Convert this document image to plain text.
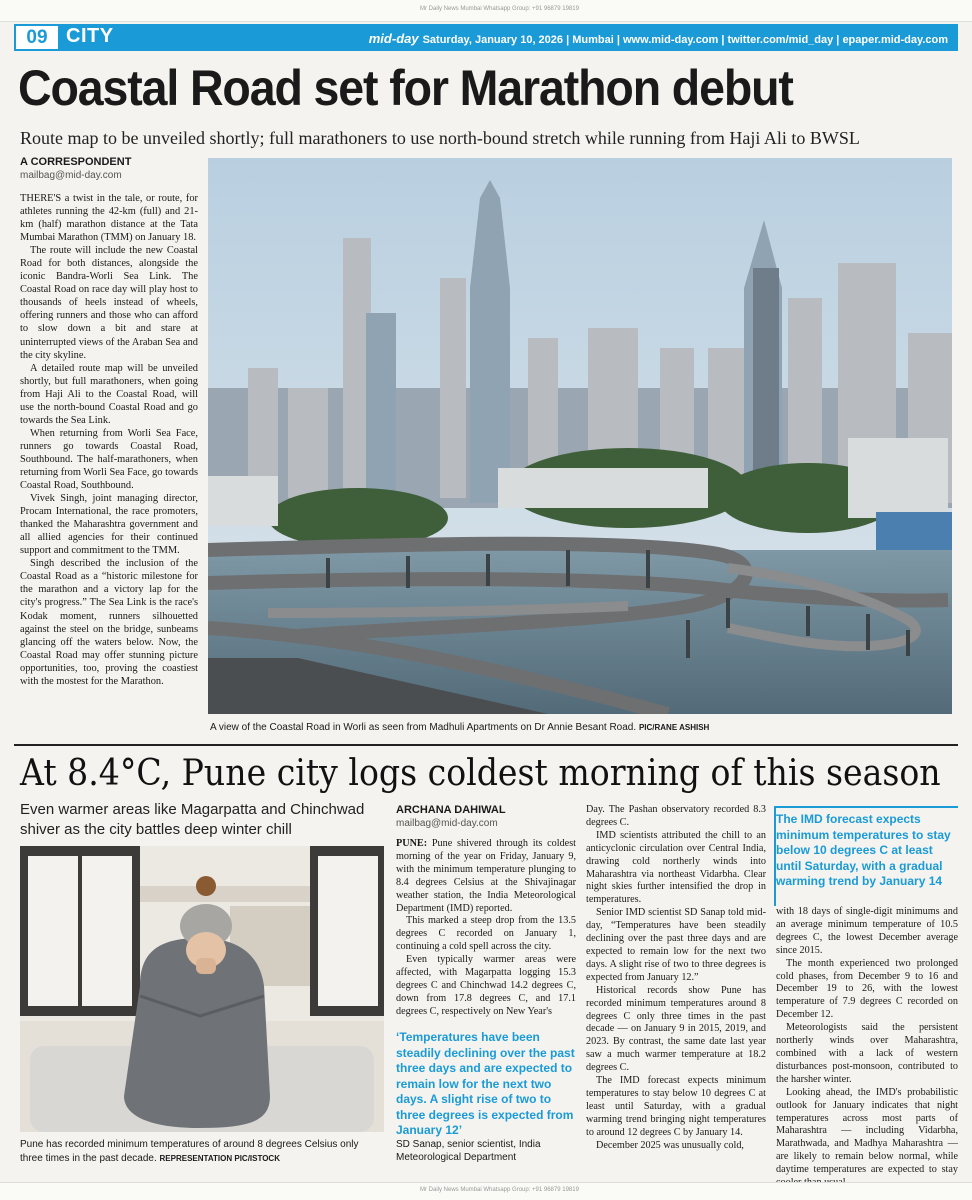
Mr Daily News Mumbai Whatsapp Group: +91 96879 19819
09 CITY	mid-day Saturday, January 10, 2026 | Mumbai | www.mid-day.com | twitter.com/mid_day | epaper.mid-day.com
Coastal Road set for Marathon debut
Route map to be unveiled shortly; full marathoners to use north-bound stretch while running from Haji Ali to BWSL
A CORRESPONDENT
mailbag@mid-day.com

THERE'S a twist in the tale, or route, for athletes running the 42-km (full) and 21-km (half) marathon distance at the Tata Mumbai Marathon (TMM) on January 18.

The route will include the new Coastal Road for both distances, alongside the iconic Bandra-Worli Sea Link. The Coastal Road on race day will play host to thousands of heels instead of wheels, offering runners and those who can afford to slow down a bit and stare at uninterrupted views of the Araban Sea and the city skyline.

A detailed route map will be unveiled shortly, but full marathoners, when going from Haji Ali to the Coastal Road, will use the north-bound Coastal Road and go towards the Sea Link.

When returning from Worli Sea Face, runners go towards Coastal Road, Southbound. The half-marathoners, when returning from Worli Sea Face, go towards Coastal Road, Southbound.

Vivek Singh, joint managing director, Procam International, the race promoters, thanked the Maharashtra government and all allied agencies for their continued support and commitment to the TMM.

Singh described the inclusion of the Coastal Road as a “historic milestone for the marathon and a victory lap for the city's progress.” The Sea Link is the race's Kodak moment, runners silhouetted against the steel on the bridge, sunbeams glancing off the waters below. Now, the Coastal Road may offer stunning picture opportunities, too, proving the coastiest with the mostest for the Marathon.

A view of the Coastal Road in Worli as seen from Madhuli Apartments on Dr Annie Besant Road. PIC/RANE ASHISH
At 8.4°C, Pune city logs coldest morning of this season
Even warmer areas like Magarpatta and Chinchwad shiver as the city battles deep winter chill
Pune has recorded minimum temperatures of around 8 degrees Celsius only three times in the past decade. REPRESENTATION PIC/ISTOCK
ARCHANA DAHIWAL
mailbag@mid-day.com

PUNE: Pune shivered through its coldest morning of the year on Friday, January 9, with the minimum temperature plunging to 8.4 degrees Celsius at the Shivajinagar weather station, the India Meteorological Department (IMD) reported.

This marked a steep drop from the 13.5 degrees C recorded on January 1, continuing a cold spell across the city.

Even typically warmer areas were affected, with Magarpatta logging 15.3 degrees C and Chinchwad 14.2 degrees C, down from 17.8 degrees C, and 17.1 degrees C, respectively on New Year's

‘Temperatures have been steadily declining over the past three days and are expected to remain low for the next two days. A slight rise of two to three degrees is expected from January 12’
SD Sanap, senior scientist, India Meteorological Department

Day. The Pashan observatory recorded 8.3 degrees C.

IMD scientists attributed the chill to an anticyclonic circulation over Central India, drawing cold northerly winds into Maharashtra via northeast Vidarbha. Clear night skies further intensified the drop in temperatures.

Senior IMD scientist SD Sanap told mid-day, “Temperatures have been steadily declining over the past three days and are expected to remain low for the next two days. A slight rise of two to three degrees is expected from January 12.”

Historical records show Pune has recorded minimum temperatures around 8 degrees C only three times in the past decade — on January 9 in 2015, 2019, and 2023. By contrast, the same date last year saw a much warmer temperature at 18.2 degrees C.

The IMD forecast expects minimum temperatures to stay below 10 degrees C at least until Saturday, with a gradual warming trend bringing night temperatures to around 12 degrees C by January 14.

December 2025 was unusually cold,

The IMD forecast expects minimum temperatures to stay below 10 degrees C at least until Saturday, with a gradual warming trend by January 14

with 18 days of single-digit minimums and an average minimum temperature of 10.5 degrees C, the lowest December average since 2015.

The month experienced two prolonged cold phases, from December 9 to 16 and December 19 to 26, with the lowest temperature of 7.9 degrees C recorded on December 12.

Meteorologists said the persistent northerly winds over Maharashtra, combined with a lack of western disturbances post-monsoon, contributed to the harsher winter.

Looking ahead, the IMD's probabilistic outlook for January indicates that night temperatures across most parts of Maharashtra — including Vidarbha, Marathwada, and Madhya Maharashtra — are likely to remain below normal, while daytime temperatures are expected to stay

Mr Daily News Mumbai Whatsapp Group: +91 96879 19819
